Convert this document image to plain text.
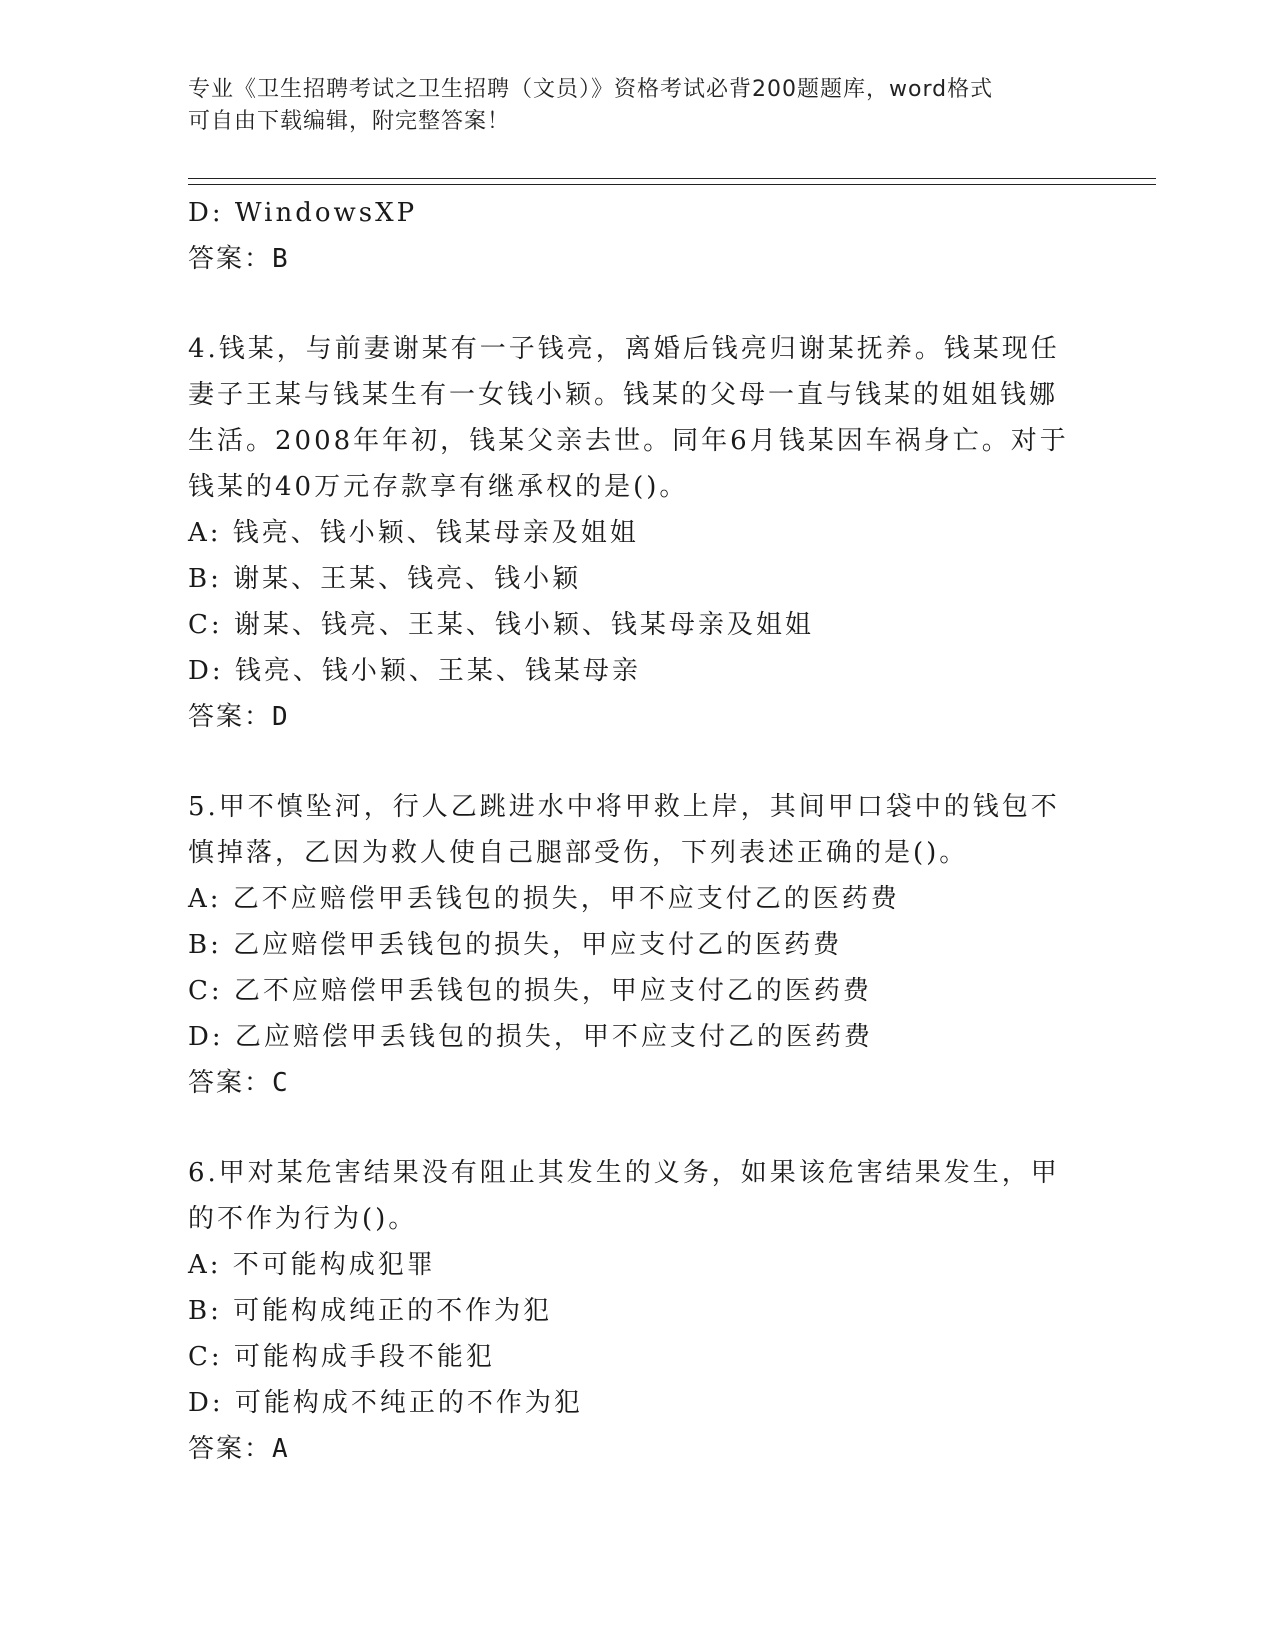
专业《卫生招聘考试之卫生招聘（文员）》资格考试必背200题题库，word格式
可自由下载编辑，附完整答案！
D: WindowsXP
答案：B
4.钱某，与前妻谢某有一子钱亮，离婚后钱亮归谢某抚养。钱某现任
妻子王某与钱某生有一女钱小颖。钱某的父母一直与钱某的姐姐钱娜
生活。2008年年初，钱某父亲去世。同年6月钱某因车祸身亡。对于
钱某的40万元存款享有继承权的是()。
A: 钱亮、钱小颖、钱某母亲及姐姐
B: 谢某、王某、钱亮、钱小颖
C: 谢某、钱亮、王某、钱小颖、钱某母亲及姐姐
D: 钱亮、钱小颖、王某、钱某母亲
答案：D
5.甲不慎坠河，行人乙跳进水中将甲救上岸，其间甲口袋中的钱包不
慎掉落，乙因为救人使自己腿部受伤，下列表述正确的是()。
A: 乙不应赔偿甲丢钱包的损失，甲不应支付乙的医药费
B: 乙应赔偿甲丢钱包的损失，甲应支付乙的医药费
C: 乙不应赔偿甲丢钱包的损失，甲应支付乙的医药费
D: 乙应赔偿甲丢钱包的损失，甲不应支付乙的医药费
答案：C
6.甲对某危害结果没有阻止其发生的义务，如果该危害结果发生，甲
的不作为行为()。
A: 不可能构成犯罪
B: 可能构成纯正的不作为犯
C: 可能构成手段不能犯
D: 可能构成不纯正的不作为犯
答案：A
